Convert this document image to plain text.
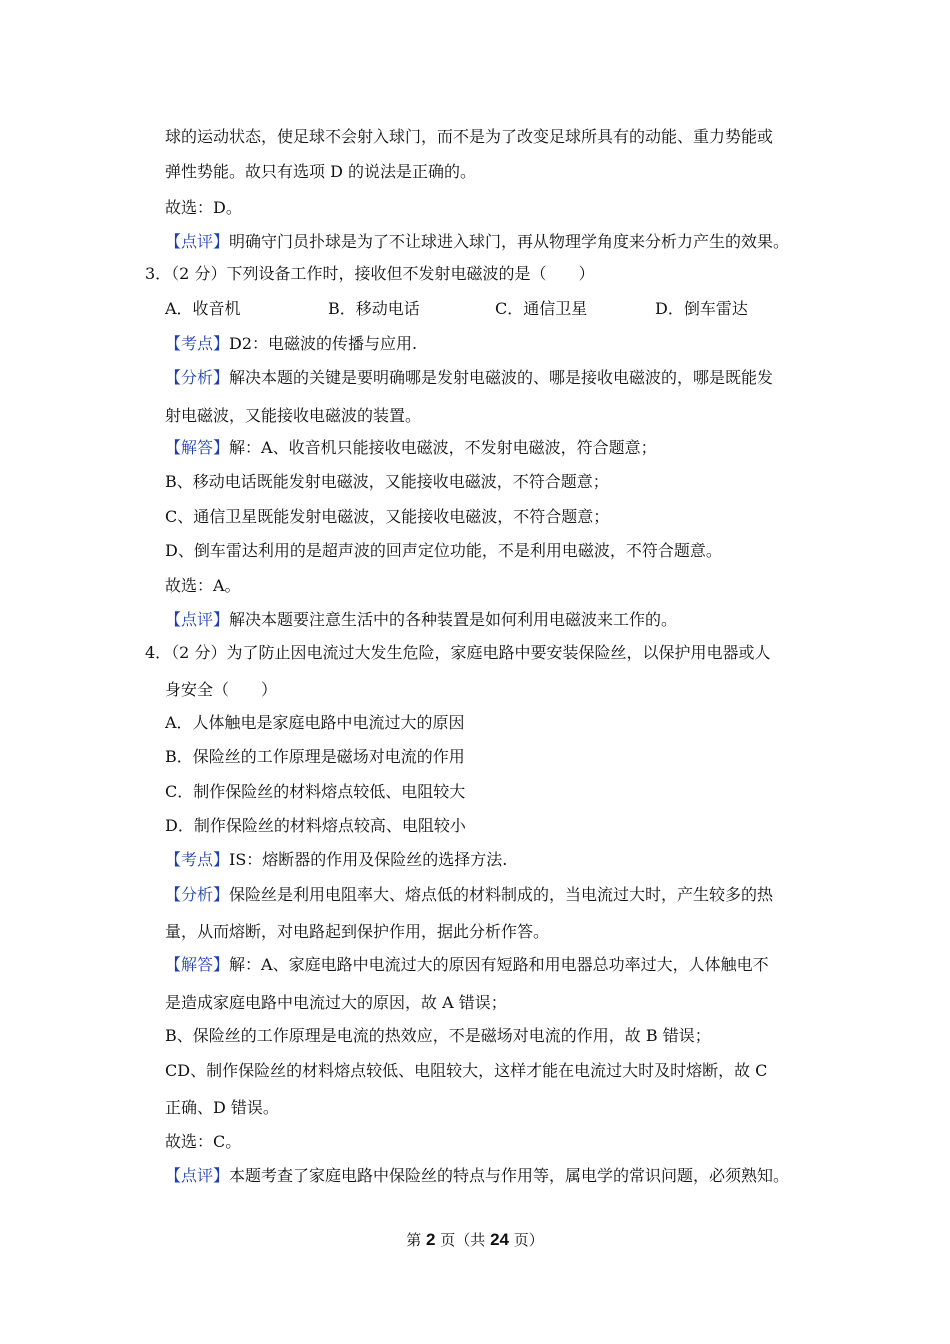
球的运动状态，使足球不会射入球门，而不是为了改变足球所具有的动能、重力势能或
弹性势能。故只有选项 D 的说法是正确的。
故选：D。
【点评】明确守门员扑球是为了不让球进入球门，再从物理学角度来分析力产生的效果。
3．（2 分）下列设备工作时，接收但不发射电磁波的是（　　）
A．收音机	B．移动电话	C．通信卫星	D．倒车雷达
【考点】D2：电磁波的传播与应用.
【分析】解决本题的关键是要明确哪是发射电磁波的、哪是接收电磁波的，哪是既能发
射电磁波，又能接收电磁波的装置。
【解答】解：A、收音机只能接收电磁波，不发射电磁波，符合题意；
B、移动电话既能发射电磁波，又能接收电磁波，不符合题意；
C、通信卫星既能发射电磁波，又能接收电磁波，不符合题意；
D、倒车雷达利用的是超声波的回声定位功能，不是利用电磁波，不符合题意。
故选：A。
【点评】解决本题要注意生活中的各种装置是如何利用电磁波来工作的。
4．（2 分）为了防止因电流过大发生危险，家庭电路中要安装保险丝，以保护用电器或人
身安全（　　）
A．人体触电是家庭电路中电流过大的原因
B．保险丝的工作原理是磁场对电流的作用
C．制作保险丝的材料熔点较低、电阻较大
D．制作保险丝的材料熔点较高、电阻较小
【考点】IS：熔断器的作用及保险丝的选择方法.
【分析】保险丝是利用电阻率大、熔点低的材料制成的，当电流过大时，产生较多的热
量，从而熔断，对电路起到保护作用，据此分析作答。
【解答】解：A、家庭电路中电流过大的原因有短路和用电器总功率过大，人体触电不
是造成家庭电路中电流过大的原因，故 A 错误；
B、保险丝的工作原理是电流的热效应，不是磁场对电流的作用，故 B 错误；
CD、制作保险丝的材料熔点较低、电阻较大，这样才能在电流过大时及时熔断，故 C
正确、D 错误。
故选：C。
【点评】本题考查了家庭电路中保险丝的特点与作用等，属电学的常识问题，必须熟知。
第 2 页（共 24 页）
